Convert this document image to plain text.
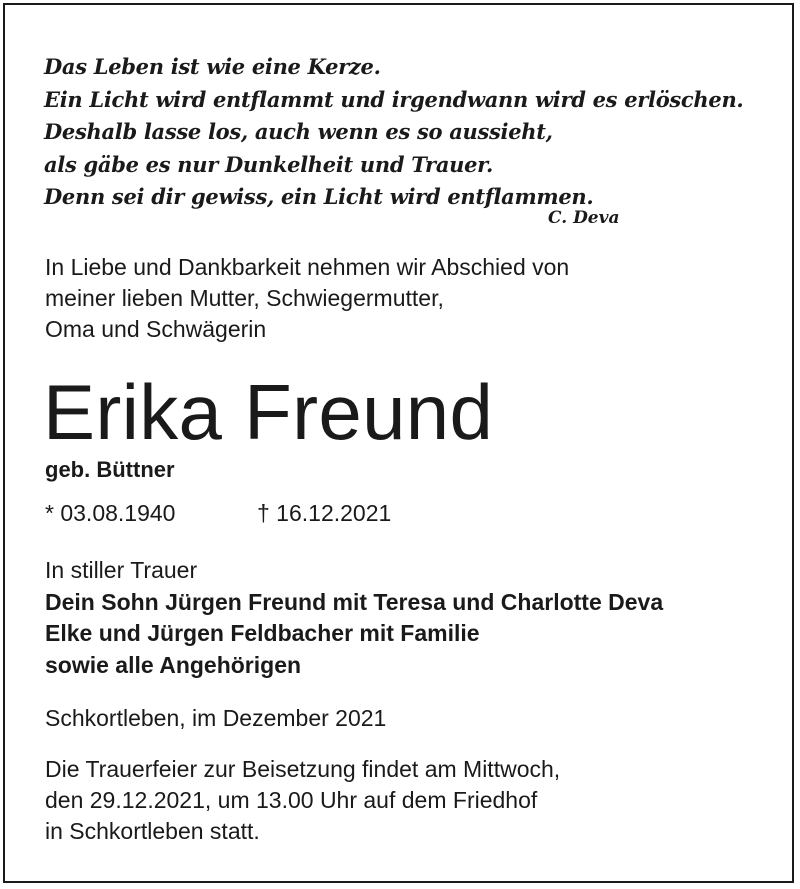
Das Leben ist wie eine Kerze.
Ein Licht wird entflammt und irgendwann wird es erlöschen.
Deshalb lasse los, auch wenn es so aussieht,
als gäbe es nur Dunkelheit und Trauer.
Denn sei dir gewiss, ein Licht wird entflammen.
C. Deva
In Liebe und Dankbarkeit nehmen wir Abschied von
meiner lieben Mutter, Schwiegermutter,
Oma und Schwägerin
Erika Freund
geb. Büttner
* 03.08.1940	† 16.12.2021
In stiller Trauer
Dein Sohn Jürgen Freund mit Teresa und Charlotte Deva
Elke und Jürgen Feldbacher mit Familie
sowie alle Angehörigen
Schkortleben, im Dezember 2021
Die Trauerfeier zur Beisetzung findet am Mittwoch,
den 29.12.2021, um 13.00 Uhr auf dem Friedhof
in Schkortleben statt.
